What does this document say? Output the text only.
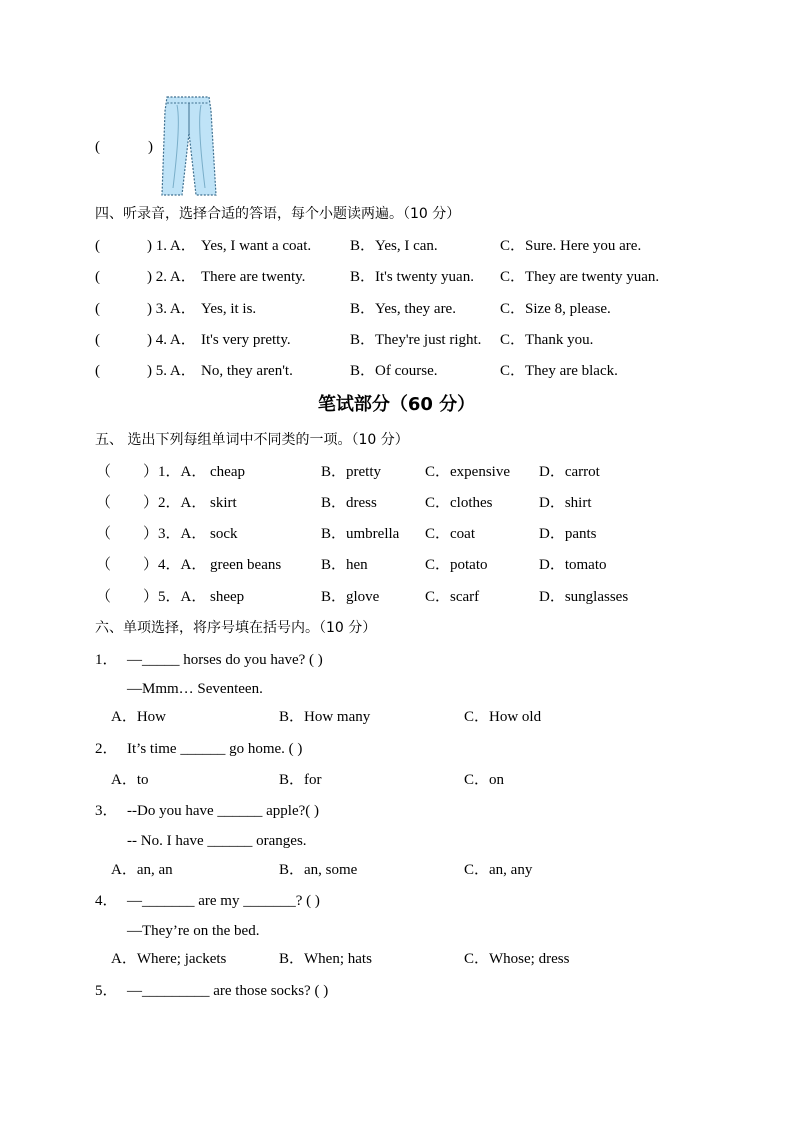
(	)
四、听录音，选择合适的答语，每个小题读两遍。（10 分）
(	) 1. A． Yes, I want a coat.	B．Yes, I can.	C．Sure. Here you are.
(	) 2. A． There are twenty.	B．It's twenty yuan. C．They are twenty yuan.
(	) 3. A． Yes, it is.	B．Yes, they are.	C．Size 8, please.
(	) 4. A． It's very pretty.	B．They're just right. C．Thank you.
(	) 5. A． No, they aren't.	B．Of course.	C．They are black.
笔试部分（60 分）
五、 选出下列每组单词中不同类的一项。（10 分）
（ ）1．A． cheap	B．pretty	C．expensive D．carrot
（ ）2．A． skirt	B．dress	C．clothes	D．shirt
（ ）3．A． sock	B．umbrella C．coat	D．pants
（ ）4．A． green beans	B．hen	C．potato	D．tomato
（ ）5．A． sheep	B．glove	C．scarf	D．sunglasses
六、单项选择，将序号填在括号内。（10 分）
1． —_____ horses do you have? ( )
—Mmm… Seventeen.
A．How	B．How many	C．How old
2． It’s time ______ go home. ( )
A．to	B．for	C．on
3． --Do you have ______ apple?( )
-- No. I have ______ oranges.
A．an, an	B．an, some	C．an, any
4． —_______ are my _______? ( )
—They’re on the bed.
A．Where; jackets	B．When; hats	C．Whose; dress
5． —_________ are those socks? ( )
